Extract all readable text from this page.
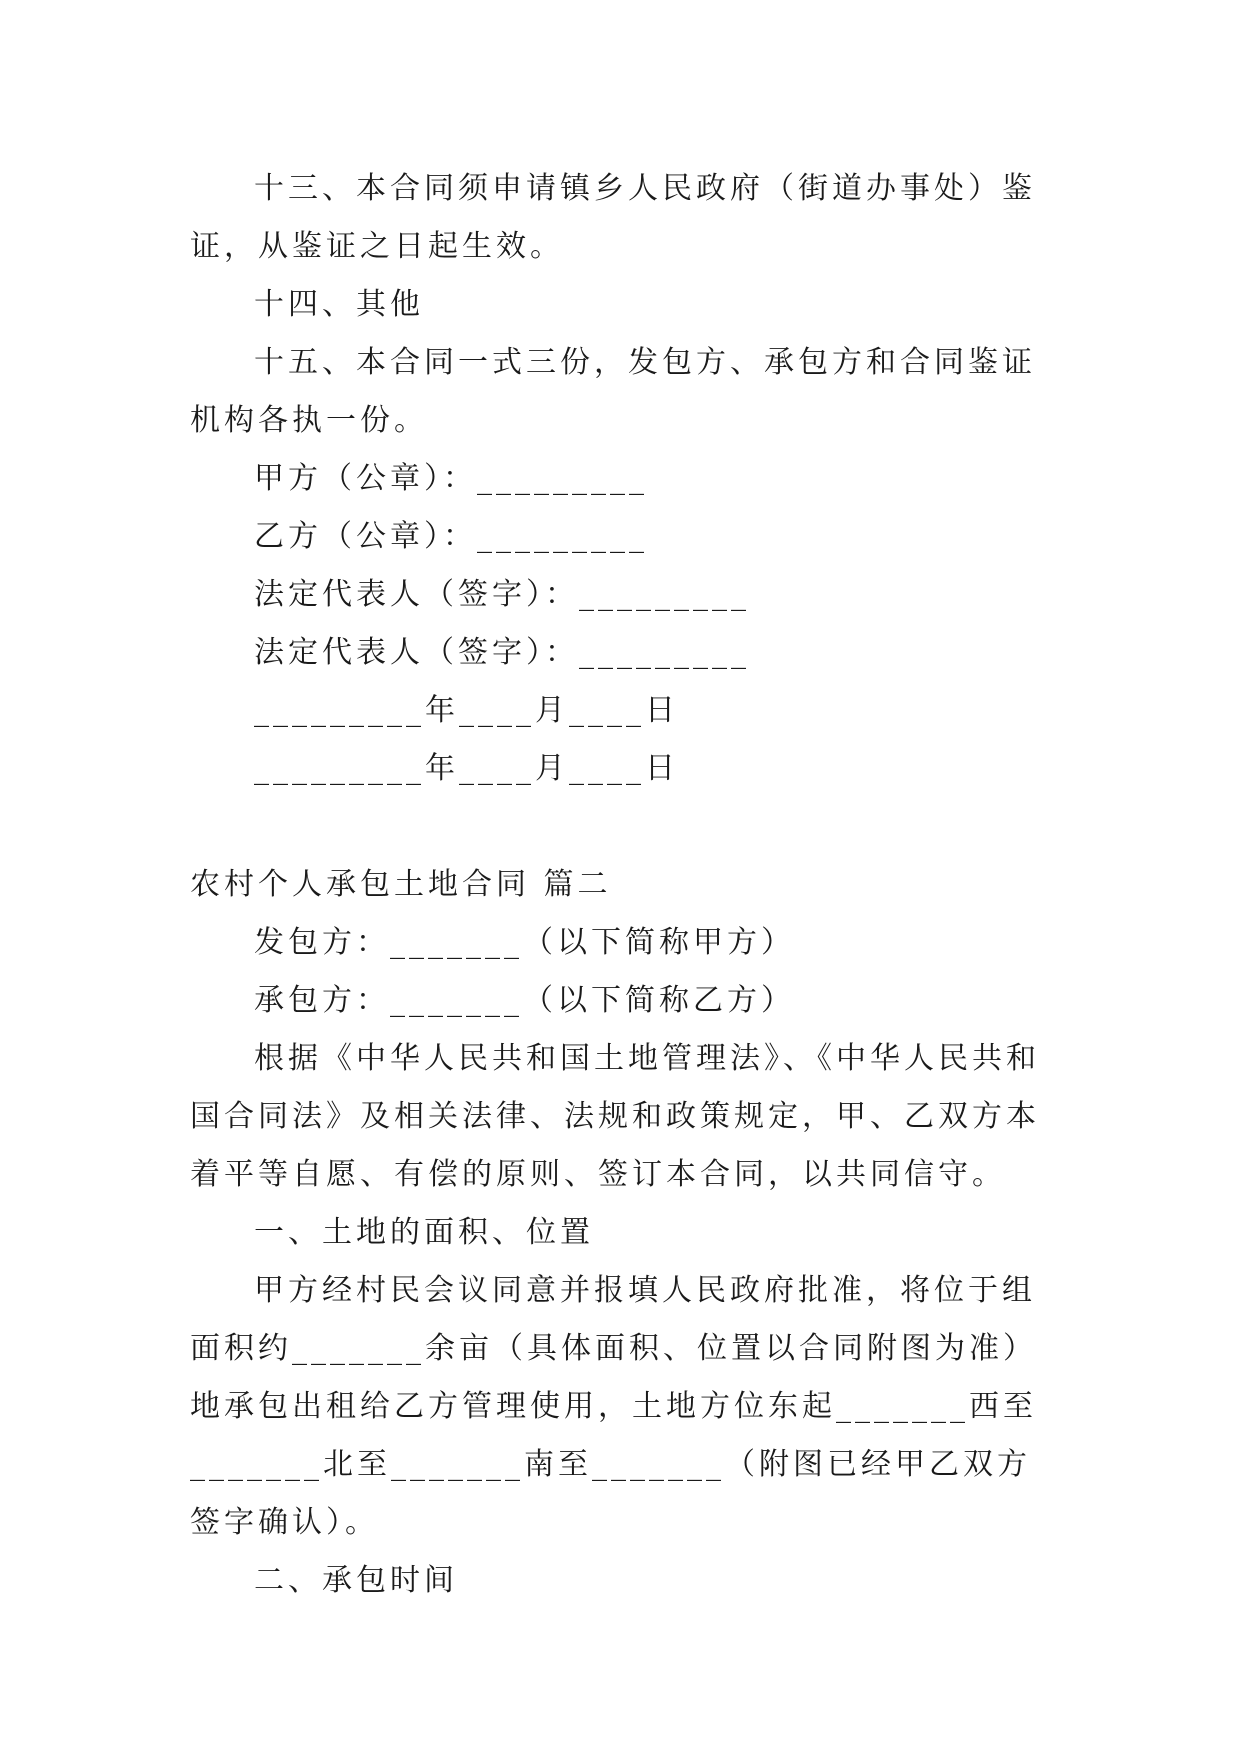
十三、本合同须申请镇乡人民政府（街道办事处）鉴证，从鉴证之日起生效。

十四、其他

十五、本合同一式三份，发包方、承包方和合同鉴证机构各执一份。

甲方（公章）：_________

乙方（公章）：_________

法定代表人（签字）：_________

法定代表人（签字）：_________

_________年____月____日

_________年____月____日

农村个人承包土地合同 篇二

发包方：_______（以下简称甲方）

承包方：_______（以下简称乙方）

根据《中华人民共和国土地管理法》、《中华人民共和国合同法》及相关法律、法规和政策规定，甲、乙双方本着平等自愿、有偿的原则、签订本合同，以共同信守。

一、土地的面积、位置

甲方经村民会议同意并报填人民政府批准，将位于组面积约_______余亩（具体面积、位置以合同附图为准）地承包出租给乙方管理使用，土地方位东起_______西至_______北至_______南至_______（附图已经甲乙双方签字确认）。

二、承包时间
